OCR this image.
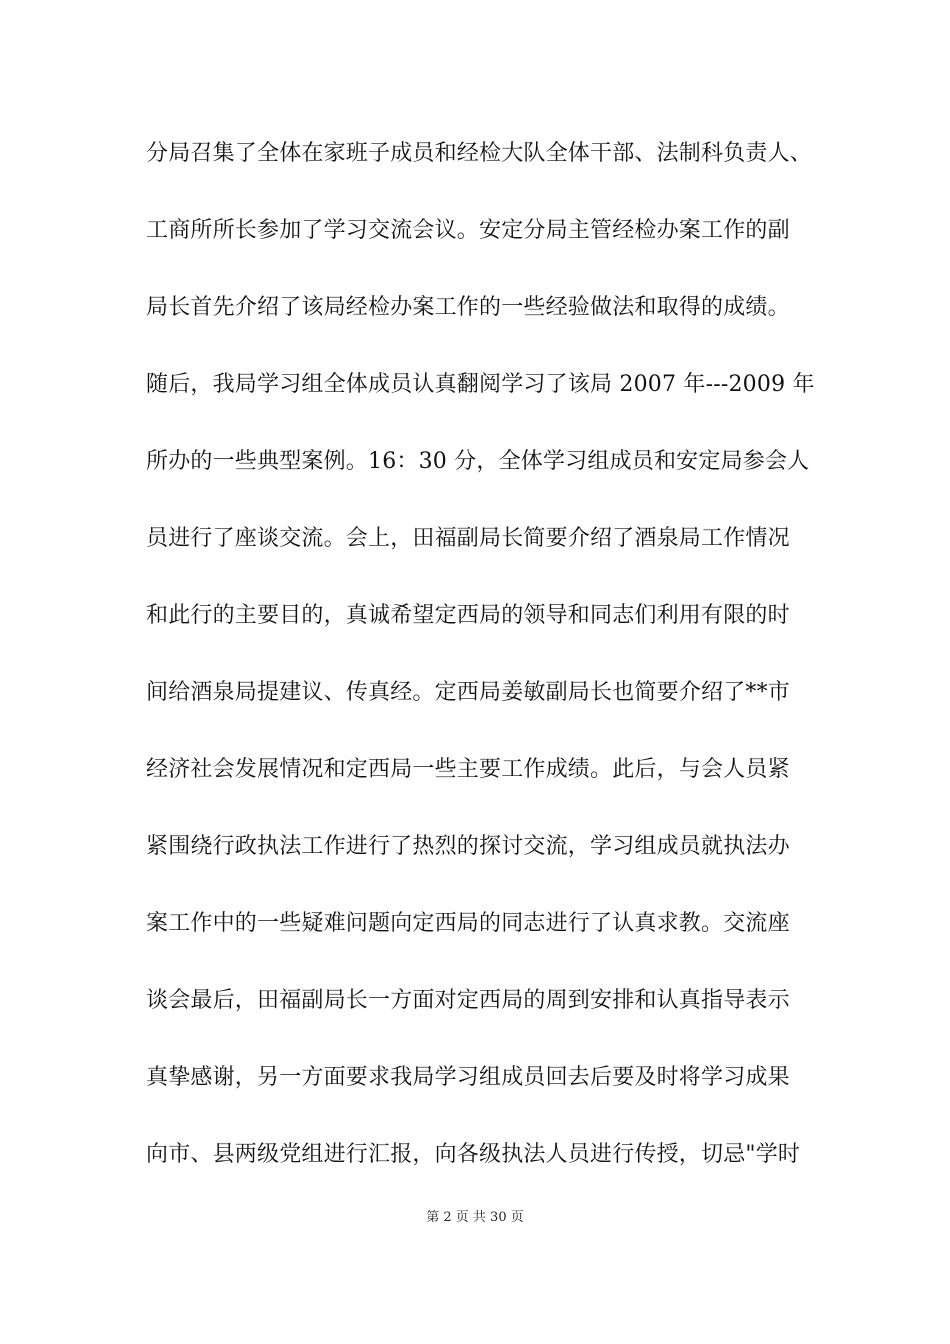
分局召集了全体在家班子成员和经检大队全体干部、法制科负责人、
工商所所长参加了学习交流会议。安定分局主管经检办案工作的副
局长首先介绍了该局经检办案工作的一些经验做法和取得的成绩。
随后，我局学习组全体成员认真翻阅学习了该局 2007 年---2009 年
所办的一些典型案例。16：30 分，全体学习组成员和安定局参会人
员进行了座谈交流。会上，田福副局长简要介绍了酒泉局工作情况
和此行的主要目的，真诚希望定西局的领导和同志们利用有限的时
间给酒泉局提建议、传真经。定西局姜敏副局长也简要介绍了**市
经济社会发展情况和定西局一些主要工作成绩。此后，与会人员紧
紧围绕行政执法工作进行了热烈的探讨交流，学习组成员就执法办
案工作中的一些疑难问题向定西局的同志进行了认真求教。交流座
谈会最后，田福副局长一方面对定西局的周到安排和认真指导表示
真挚感谢，另一方面要求我局学习组成员回去后要及时将学习成果
向市、县两级党组进行汇报，向各级执法人员进行传授，切忌"学时
第 2 页 共 30 页
